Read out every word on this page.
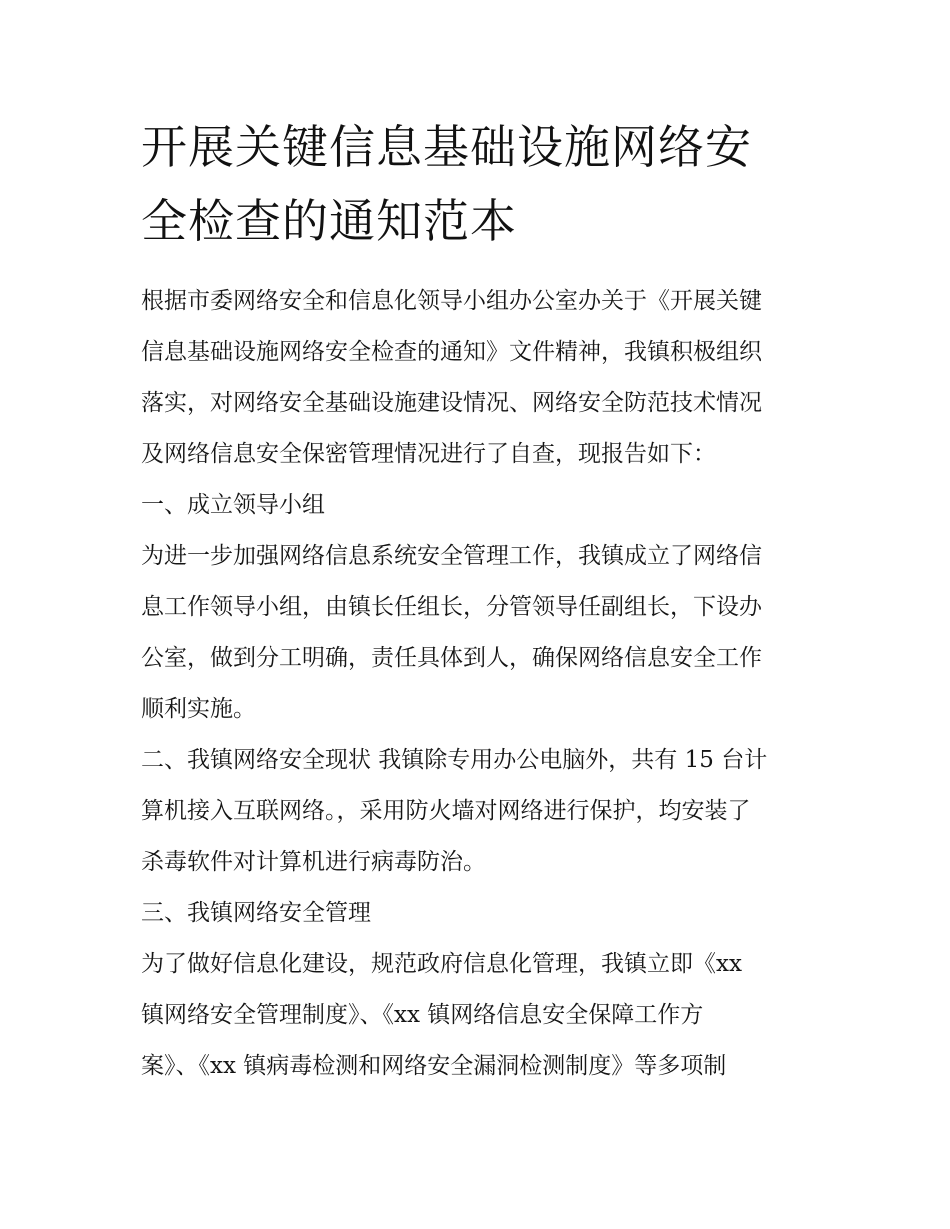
开展关键信息基础设施网络安
全检查的通知范本
根据市委网络安全和信息化领导小组办公室办关于《开展关键
信息基础设施网络安全检查的通知》文件精神，我镇积极组织
落实，对网络安全基础设施建设情况、网络安全防范技术情况
及网络信息安全保密管理情况进行了自查，现报告如下：
一、成立领导小组
为进一步加强网络信息系统安全管理工作，我镇成立了网络信
息工作领导小组，由镇长任组长，分管领导任副组长，下设办
公室，做到分工明确，责任具体到人，确保网络信息安全工作
顺利实施。
二、我镇网络安全现状 我镇除专用办公电脑外，共有 15 台计
算机接入互联网络。，采用防火墙对网络进行保护，均安装了
杀毒软件对计算机进行病毒防治。
三、我镇网络安全管理
为了做好信息化建设，规范政府信息化管理，我镇立即《xx
镇网络安全管理制度》、《xx 镇网络信息安全保障工作方
案》、《xx 镇病毒检测和网络安全漏洞检测制度》等多项制
